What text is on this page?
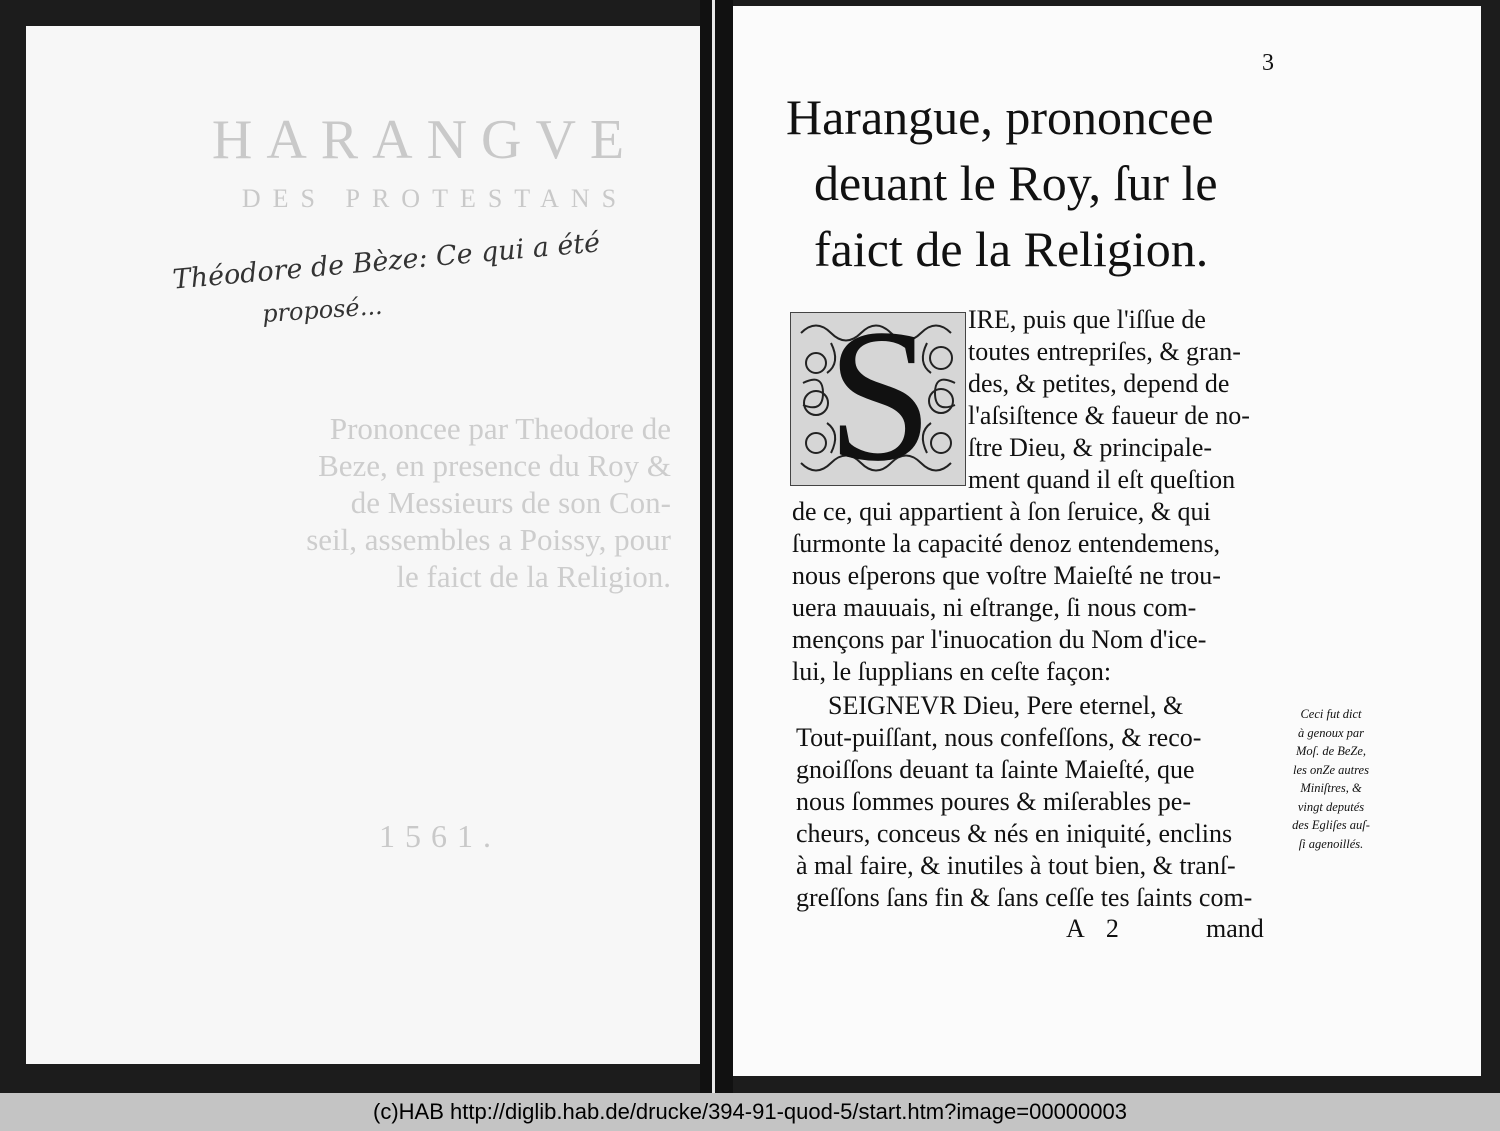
HARANGVE
DES PROTESTANS
Prononcee par Theodore de
Beze, en presence du Roy &
de Messieurs de son Con-
seil, assembles a Poissy, pour
le faict de la Religion.
1561.
Théodore de Bèze: Ce qui a été
proposé...
3
Harangue, prononcee
deuant le Roy, ſur le
faict de la Religion.
S IRE, puis que l'iſſue de
toutes entrepriſes, & gran-
des, & petites, depend de
l'aſsiſtence & faueur de no-
ſtre Dieu, & principale-
ment quand il eſt queſtion
de ce, qui appartient à ſon ſeruice, & qui
ſurmonte la capacité denoz entendemens,
nous eſperons que voſtre Maieſté ne trou-
uera mauuais, ni eſtrange, ſi nous com-
mençons par l'inuocation du Nom d'ice-
lui, le ſupplians en ceſte façon:
SEIGNEVR Dieu, Pere eternel, &
Tout-puiſſant, nous confeſſons, & reco-
gnoiſſons deuant ta ſainte Maieſté, que
nous ſommes poures & miſerables pe-
cheurs, conceus & nés en iniquité, enclins
à mal faire, & inutiles à tout bien, & tranſ-
greſſons ſans fin & ſans ceſſe tes ſaints com-
Ceci fut dict
à genoux par
Moſ. de BeZe,
les onZe autres
Miniſtres, &
vingt deputés
des Egliſes auſ-
ſi agenoillés.
A 2	mand
(c)HAB http://diglib.hab.de/drucke/394-91-quod-5/start.htm?image=00000003
